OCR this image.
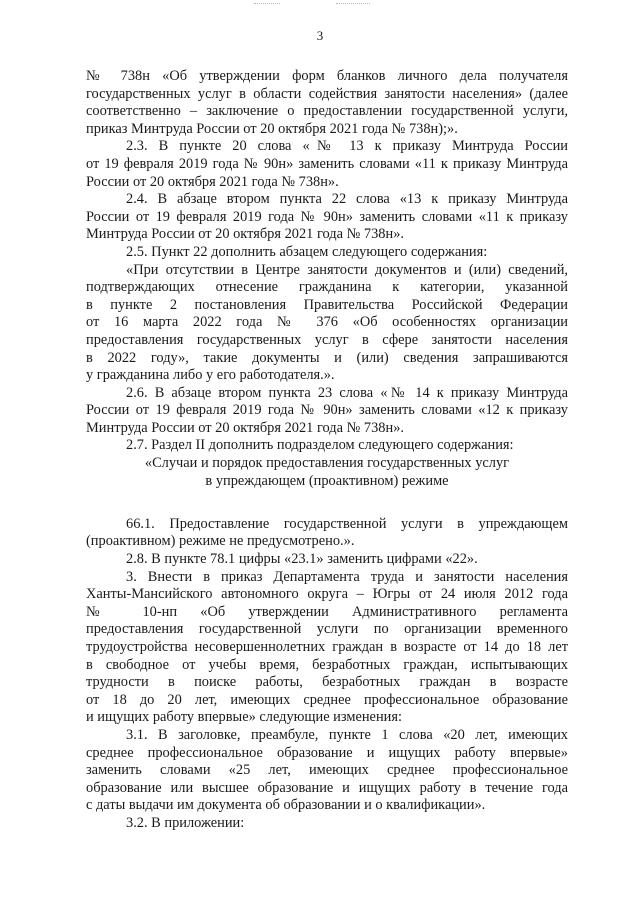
3
№ 738н «Об утверждении форм бланков личного дела получателя
государственных услуг в области содействия занятости населения» (далее
соответственно – заключение о предоставлении государственной услуги,
приказ Минтруда России от 20 октября 2021 года № 738н);».
2.3. В пункте 20 слова «№ 13 к приказу Минтруда России
от 19 февраля 2019 года № 90н» заменить словами «11 к приказу Минтруда
России от 20 октября 2021 года № 738н».
2.4. В абзаце втором пункта 22 слова «13 к приказу Минтруда
России от 19 февраля 2019 года № 90н» заменить словами «11 к приказу
Минтруда России от 20 октября 2021 года № 738н».
2.5. Пункт 22 дополнить абзацем следующего содержания:
«При отсутствии в Центре занятости документов и (или) сведений,
подтверждающих отнесение гражданина к категории, указанной
в пункте 2 постановления Правительства Российской Федерации
от 16 марта 2022 года № 376 «Об особенностях организации
предоставления государственных услуг в сфере занятости населения
в 2022 году», такие документы и (или) сведения запрашиваются
у гражданина либо у его работодателя.».
2.6. В абзаце втором пункта 23 слова «№ 14 к приказу Минтруда
России от 19 февраля 2019 года № 90н» заменить словами «12 к приказу
Минтруда России от 20 октября 2021 года № 738н».
2.7. Раздел II дополнить подразделом следующего содержания:
«Случаи и порядок предоставления государственных услуг
в упреждающем (проактивном) режиме
66.1. Предоставление государственной услуги в упреждающем
(проактивном) режиме не предусмотрено.».
2.8. В пункте 78.1 цифры «23.1» заменить цифрами «22».
3. Внести в приказ Департамента труда и занятости населения
Ханты-Мансийского автономного округа – Югры от 24 июля 2012 года
№ 10-нп «Об утверждении Административного регламента
предоставления государственной услуги по организации временного
трудоустройства несовершеннолетних граждан в возрасте от 14 до 18 лет
в свободное от учебы время, безработных граждан, испытывающих
трудности в поиске работы, безработных граждан в возрасте
от 18 до 20 лет, имеющих среднее профессиональное образование
и ищущих работу впервые» следующие изменения:
3.1. В заголовке, преамбуле, пункте 1 слова «20 лет, имеющих
среднее профессиональное образование и ищущих работу впервые»
заменить словами «25 лет, имеющих среднее профессиональное
образование или высшее образование и ищущих работу в течение года
с даты выдачи им документа об образовании и о квалификации».
3.2. В приложении:
